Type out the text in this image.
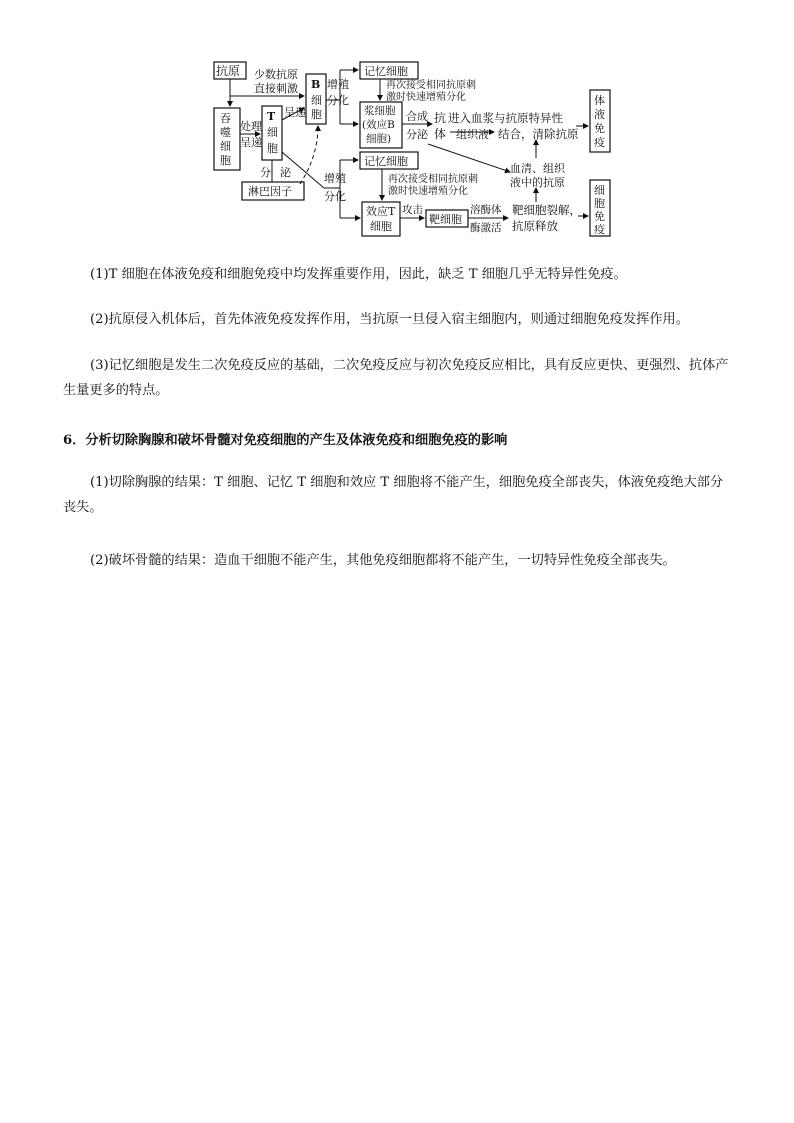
抗原 少数抗原
直接刺激
吞
噬
细
胞
处理
呈递
T
细
胞
呈递
B
细
胞
增殖
分化
记忆细胞
再次接受相同抗原刺
激时快速增殖分化
浆细胞
(效应B
细胞)
合成
分泌
抗
体
进入血浆与抗原特异性
组织液 结合，清除抗原
体
液
免
疫
分 泌
淋巴因子
记忆细胞
增殖
分化
再次接受相同抗原刺
激时快速增殖分化
血清、组织
液中的抗原
效应T
细胞
攻击
靶细胞
溶酶体
酶激活
靶细胞裂解，
抗原释放
细
胞
免
疫
(1)T 细胞在体液免疫和细胞免疫中均发挥重要作用，因此，缺乏 T 细胞几乎无特异性免疫。
(2)抗原侵入机体后，首先体液免疫发挥作用，当抗原一旦侵入宿主细胞内，则通过细胞免疫发挥作用。
(3)记忆细胞是发生二次免疫反应的基础，二次免疫反应与初次免疫反应相比，具有反应更快、更强烈、抗体产生量更多的特点。
6．分析切除胸腺和破坏骨髓对免疫细胞的产生及体液免疫和细胞免疫的影响
(1)切除胸腺的结果：T 细胞、记忆 T 细胞和效应 T 细胞将不能产生，细胞免疫全部丧失，体液免疫绝大部分丧失。
(2)破坏骨髓的结果：造血干细胞不能产生，其他免疫细胞都将不能产生，一切特异性免疫全部丧失。
